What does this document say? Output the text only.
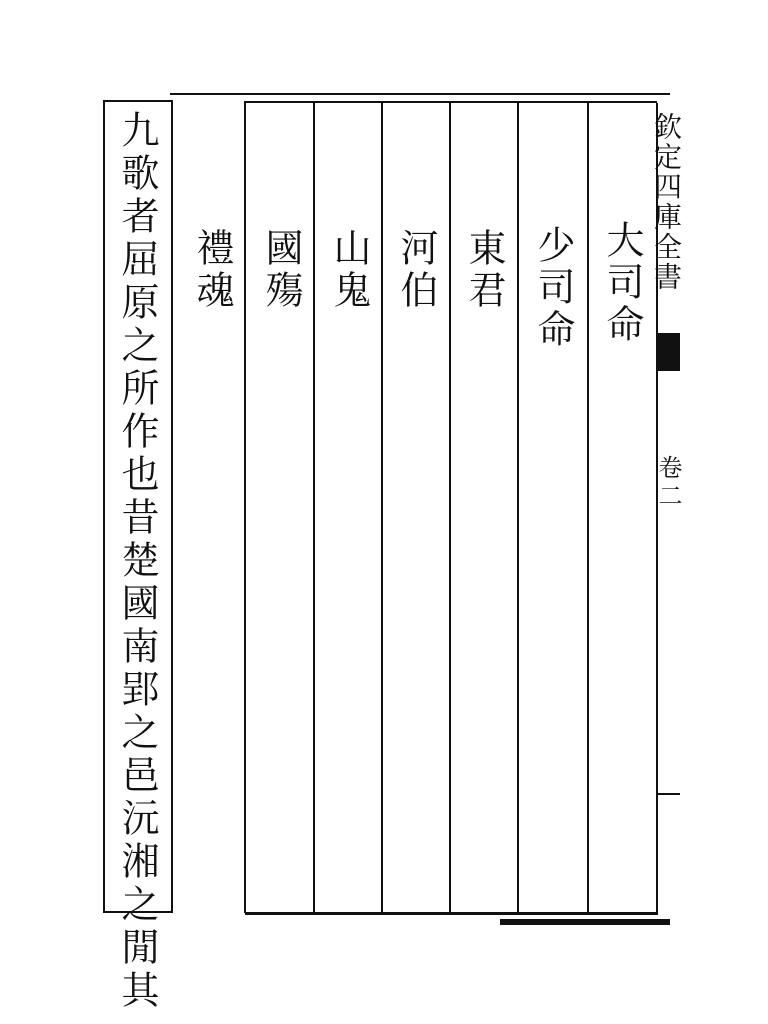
九歌者屈原之所作也昔楚國南郢之邑沅湘之閒其	大司命
少司命
東君
河伯
山鬼
國殤
禮魂	欽定四庫全書
卷二
